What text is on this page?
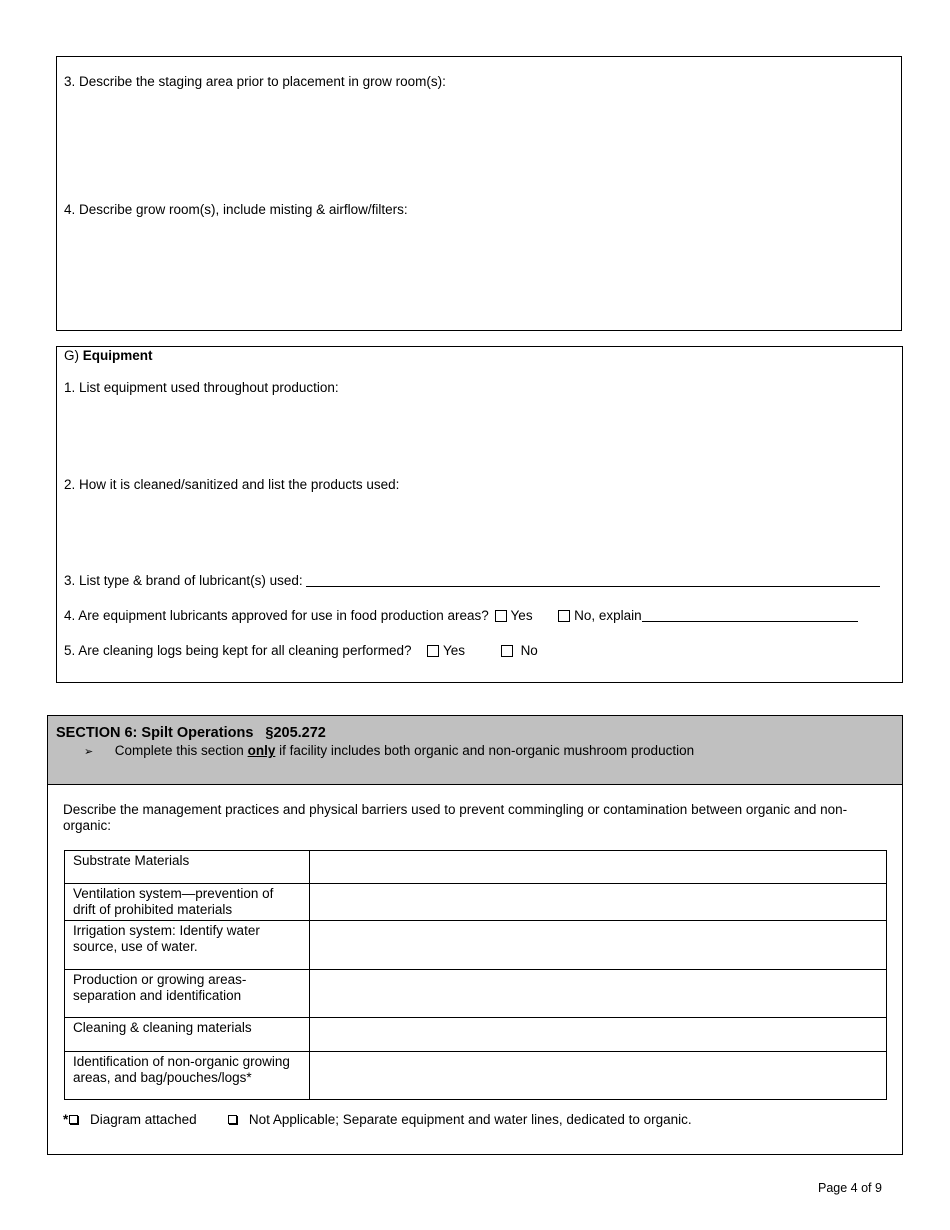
3. Describe the staging area prior to placement in grow room(s):
4. Describe grow room(s), include misting & airflow/filters:
G) Equipment
1. List equipment used throughout production:
2. How it is cleaned/sanitized and list the products used:
3. List type & brand of lubricant(s) used:
4. Are equipment lubricants approved for use in food production areas? Yes	No, explain
5. Are cleaning logs being kept for all cleaning performed? Yes	No
SECTION 6: Spilt Operations §205.272
➢ Complete this section only if facility includes both organic and non-organic mushroom production
Describe the management practices and physical barriers used to prevent commingling or contamination between organic and non-
organic:
Substrate Materials	

Ventilation system—prevention of
drift of prohibited materials	

Irrigation system: Identify water
source, use of water.	

Production or growing areas-
separation and identification	

Cleaning & cleaning materials	

Identification of non-organic growing
areas, and bag/pouches/logs*	

* Diagram attached	Not Applicable; Separate equipment and water lines, dedicated to organic.
Page 4 of 9
